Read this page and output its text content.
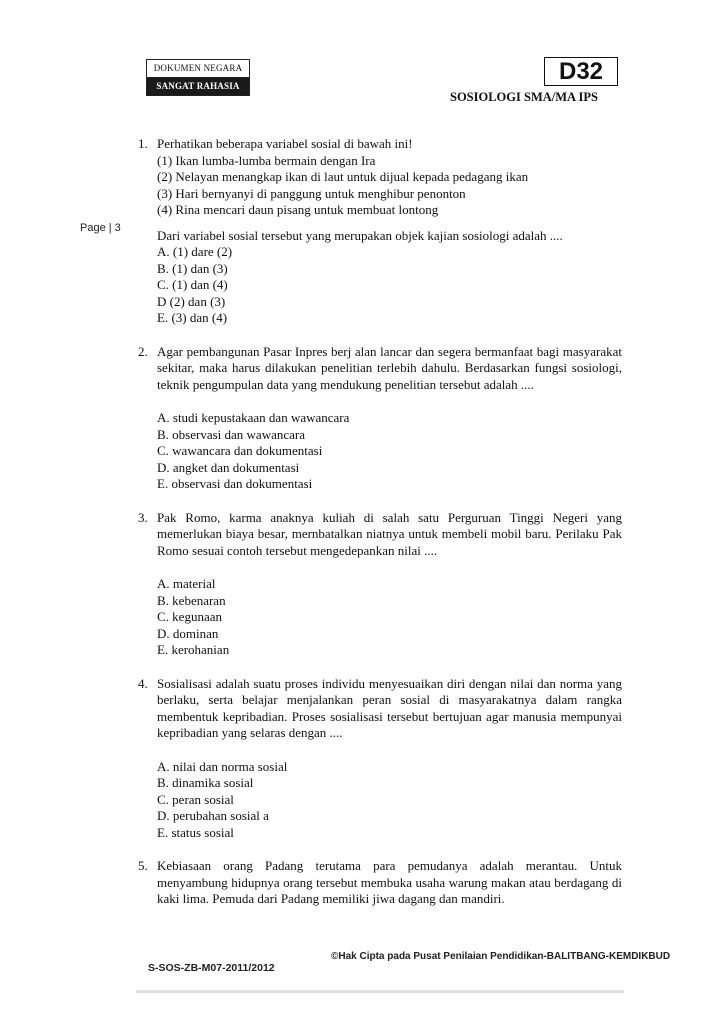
DOKUMEN NEGARA
SANGAT RAHASIA
D32
SOSIOLOGI SMA/MA IPS
Page | 3
1. Perhatikan beberapa variabel sosial di bawah ini!

(1) Ikan lumba-lumba bermain dengan Ira

(2) Nelayan menangkap ikan di laut untuk dijual kepada pedagang ikan

(3) Hari bernyanyi di panggung untuk menghibur penonton

(4) Rina mencari daun pisang untuk membuat lontong

Dari variabel sosial tersebut yang merupakan objek kajian sosiologi adalah ....

A. (1) dare (2)

B. (1) dan (3)

C. (1) dan (4)

D (2) dan (3)

E. (3) dan (4)

2. Agar pembangunan Pasar Inpres berj alan lancar dan segera bermanfaat bagi masyarakat sekitar, maka harus dilakukan penelitian terlebih dahulu. Berdasarkan fungsi sosiologi, teknik pengumpulan data yang mendukung penelitian tersebut adalah ....

A. studi kepustakaan dan wawancara

B. observasi dan wawancara

C. wawancara dan dokumentasi

D. angket dan dokumentasi

E. observasi dan dokumentasi

3. Pak Romo, karma anaknya kuliah di salah satu Perguruan Tinggi Negeri yang memerlukan biaya besar, mernbatalkan niatnya untuk membeli mobil baru. Perilaku Pak Romo sesuai contoh tersebut mengedepankan nilai ....

A. material

B. kebenaran

C. kegunaan

D. dominan

E. kerohanian

4. Sosialisasi adalah suatu proses individu menyesuaikan diri dengan nilai dan norma yang berlaku, serta belajar menjalankan peran sosial di masyarakatnya dalam rangka membentuk kepribadian. Proses sosialisasi tersebut bertujuan agar manusia mempunyai kepribadian yang selaras dengan ....

A. nilai dan norma sosial

B. dinamika sosial

C. peran sosial

D. perubahan sosial a

E. status sosial

5. Kebiasaan orang Padang terutama para pemudanya adalah merantau. Untuk menyambung hidupnya orang tersebut membuka usaha warung makan atau berdagang di kaki lima. Pemuda dari Padang memiliki jiwa dagang dan mandiri.

S-SOS-ZB-M07-2011/2012
©Hak Cipta pada Pusat Penilaian Pendidikan-BALITBANG-KEMDIKBUD
